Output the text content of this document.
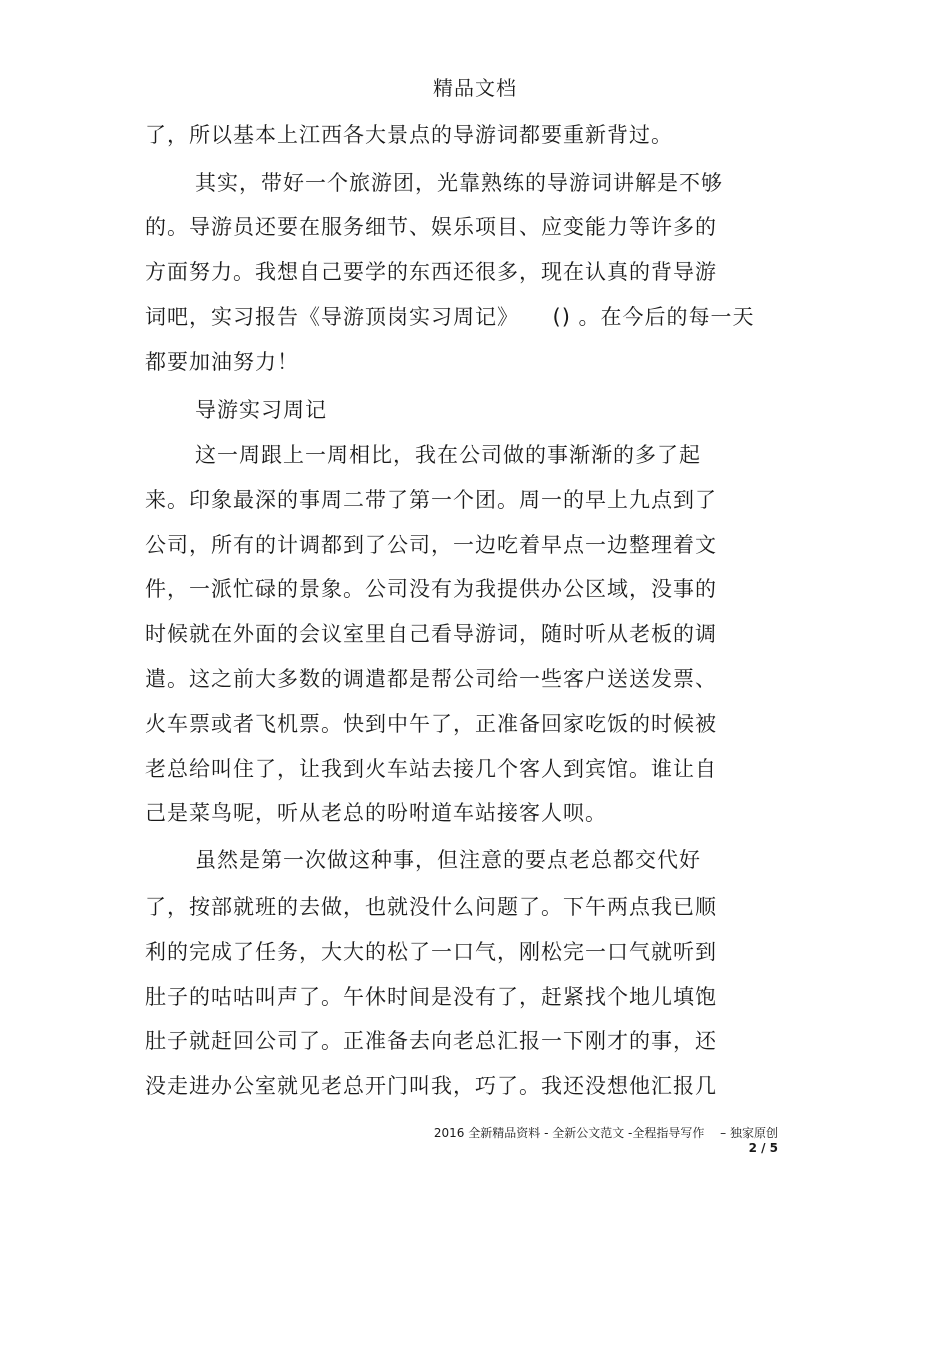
精品文档
了，所以基本上江西各大景点的导游词都要重新背过。
其实，带好一个旅游团，光靠熟练的导游词讲解是不够
的。导游员还要在服务细节、娱乐项目、应变能力等许多的
方面努力。我想自己要学的东西还很多，现在认真的背导游
词吧，实习报告《导游顶岗实习周记》　　() 。在今后的每一天
都要加油努力！
导游实习周记
这一周跟上一周相比，我在公司做的事渐渐的多了起
来。印象最深的事周二带了第一个团。周一的早上九点到了
公司，所有的计调都到了公司，一边吃着早点一边整理着文
件，一派忙碌的景象。公司没有为我提供办公区域，没事的
时候就在外面的会议室里自己看导游词，随时听从老板的调
遣。这之前大多数的调遣都是帮公司给一些客户送送发票、
火车票或者飞机票。快到中午了，正准备回家吃饭的时候被
老总给叫住了，让我到火车站去接几个客人到宾馆。谁让自
己是菜鸟呢，听从老总的吩咐道车站接客人呗。
虽然是第一次做这种事，但注意的要点老总都交代好
了，按部就班的去做，也就没什么问题了。下午两点我已顺
利的完成了任务，大大的松了一口气，刚松完一口气就听到
肚子的咕咕叫声了。午休时间是没有了，赶紧找个地儿填饱
肚子就赶回公司了。正准备去向老总汇报一下刚才的事，还
没走进办公室就见老总开门叫我，巧了。我还没想他汇报几
2016 全新精品资料 - 全新公文范文 -全程指导写作　 – 独家原创
2 / 5
